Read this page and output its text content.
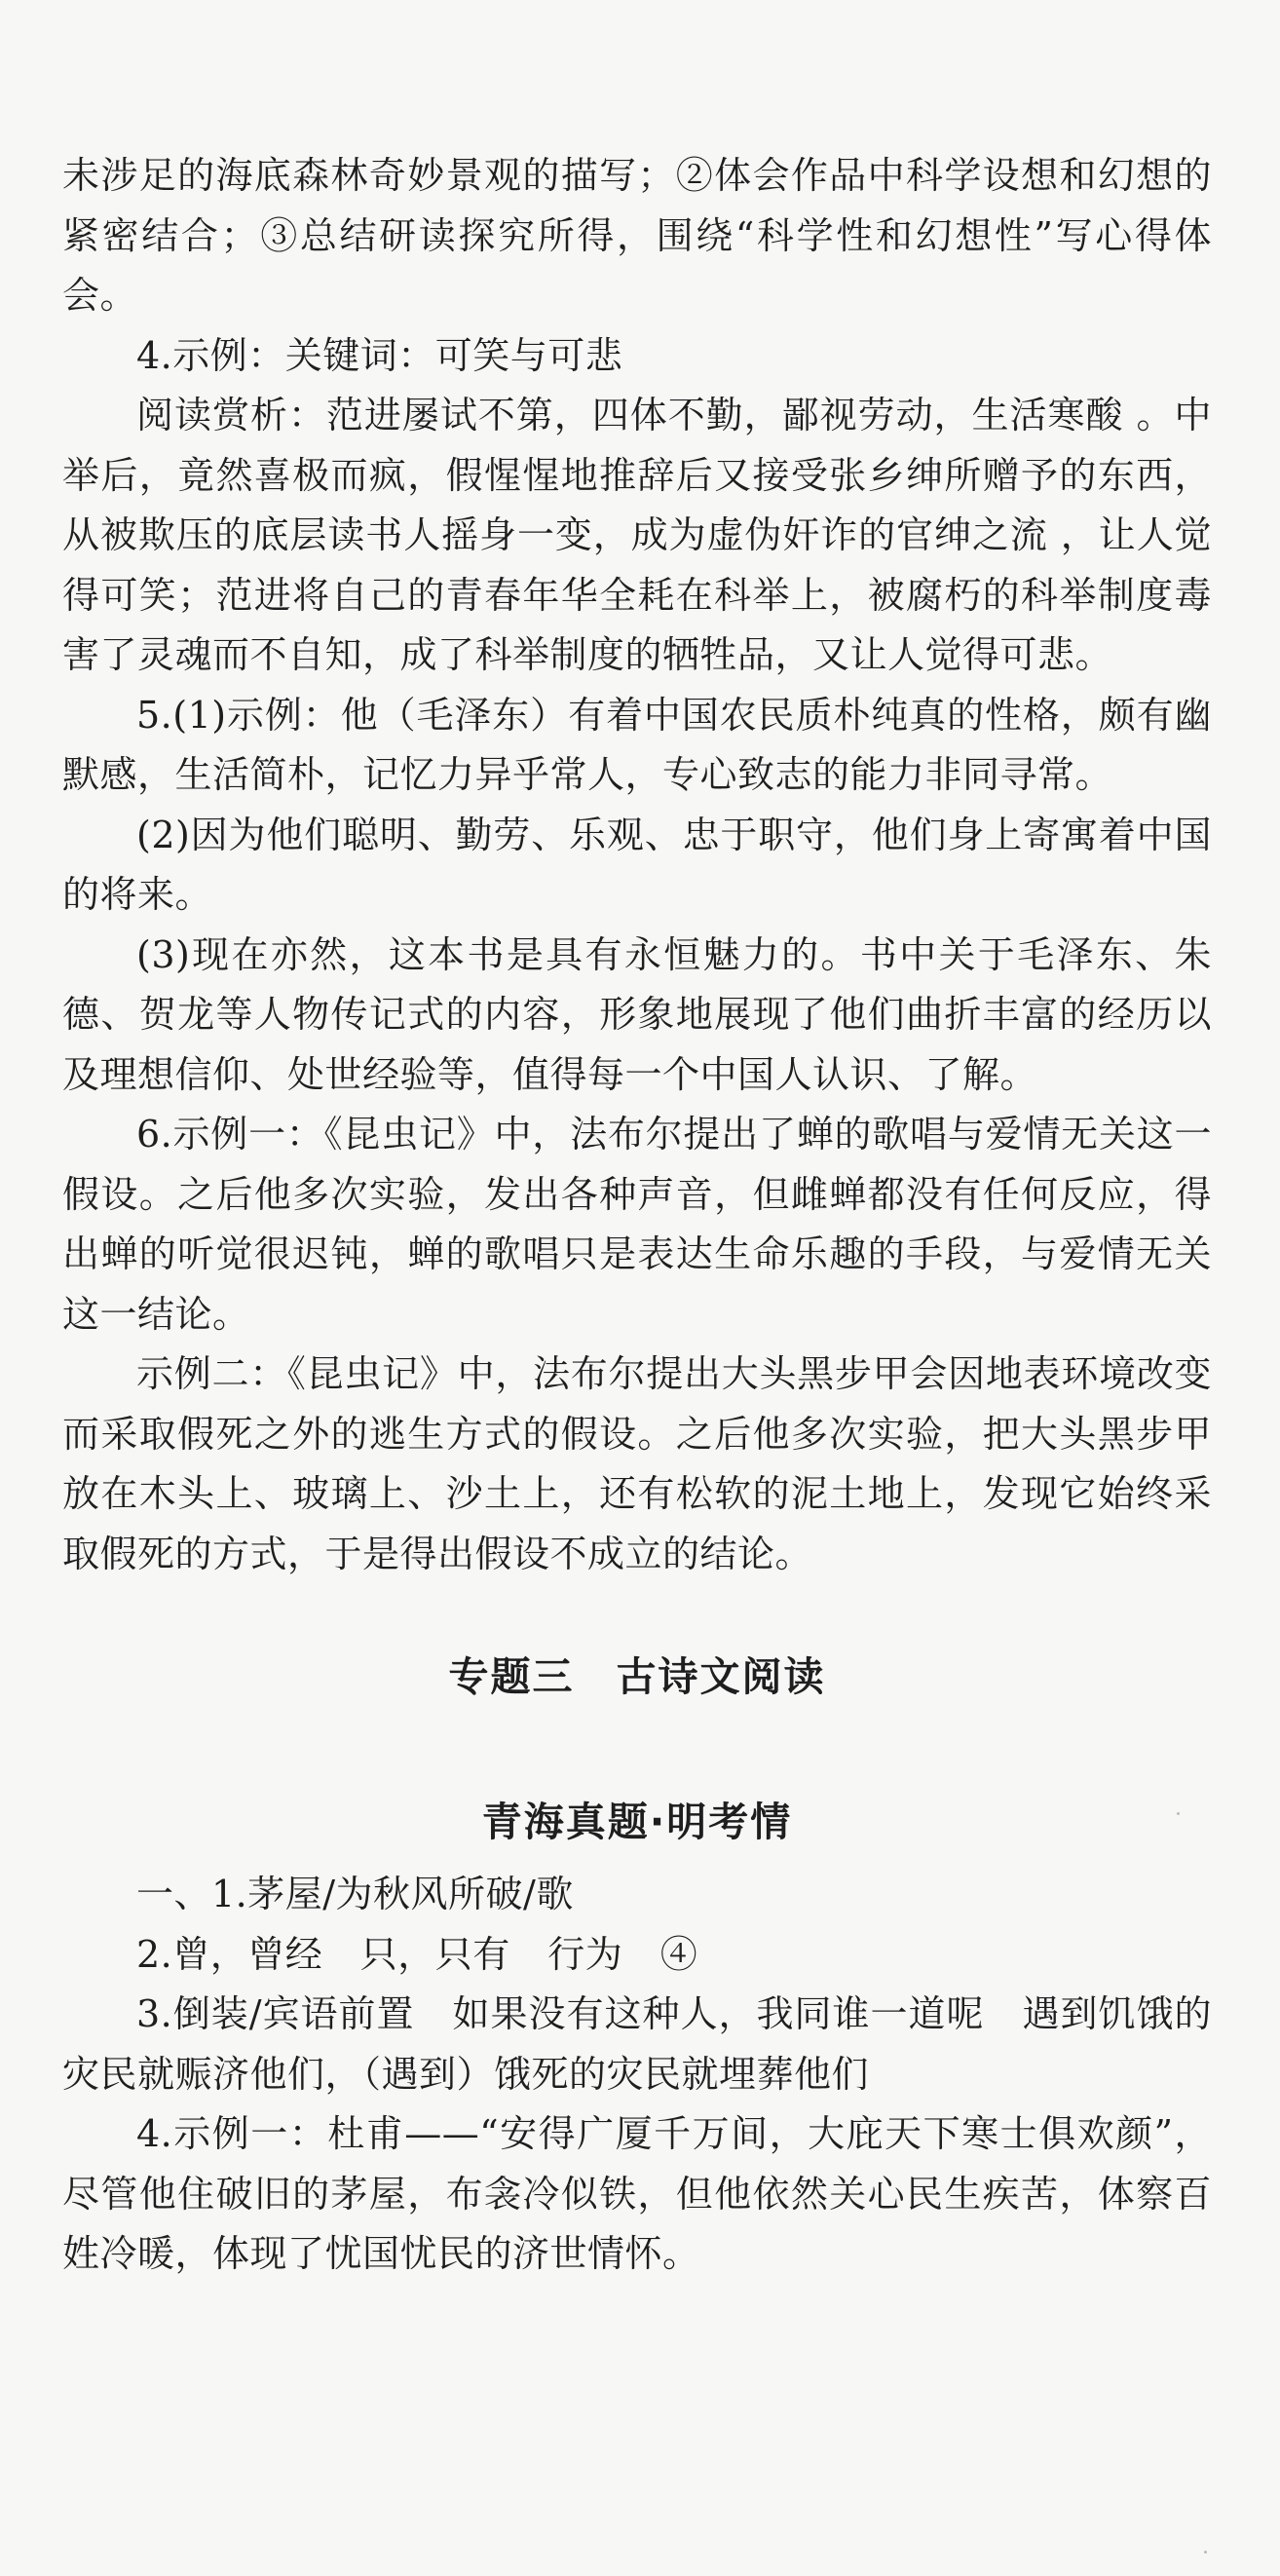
未涉足的海底森林奇妙景观的描写；②体会作品中科学设想和幻想的紧密结合；③总结研读探究所得，围绕“科学性和幻想性”写心得体会。

4.示例：关键词：可笑与可悲

阅读赏析：范进屡试不第，四体不勤，鄙视劳动，生活寒酸 。中举后，竟然喜极而疯，假惺惺地推辞后又接受张乡绅所赠予的东西，从被欺压的底层读书人摇身一变，成为虚伪奸诈的官绅之流 ，让人觉得可笑；范进将自己的青春年华全耗在科举上，被腐朽的科举制度毒害了灵魂而不自知，成了科举制度的牺牲品，又让人觉得可悲。

5.(1)示例：他（毛泽东）有着中国农民质朴纯真的性格，颇有幽默感，生活简朴，记忆力异乎常人，专心致志的能力非同寻常。

(2)因为他们聪明、勤劳、乐观、忠于职守，他们身上寄寓着中国的将来。

(3)现在亦然，这本书是具有永恒魅力的。书中关于毛泽东、朱德、贺龙等人物传记式的内容，形象地展现了他们曲折丰富的经历以及理想信仰、处世经验等，值得每一个中国人认识、了解。

6.示例一：《昆虫记》中，法布尔提出了蝉的歌唱与爱情无关这一假设。之后他多次实验，发出各种声音，但雌蝉都没有任何反应，得出蝉的听觉很迟钝，蝉的歌唱只是表达生命乐趣的手段，与爱情无关这一结论。

示例二：《昆虫记》中，法布尔提出大头黑步甲会因地表环境改变而采取假死之外的逃生方式的假设。之后他多次实验，把大头黑步甲放在木头上、玻璃上、沙土上，还有松软的泥土地上，发现它始终采取假死的方式，于是得出假设不成立的结论。

专题三　古诗文阅读
青海真题·明考情

一、1.茅屋/为秋风所破/歌

2.曾，曾经　只，只有　行为　④

3.倒装/宾语前置　如果没有这种人，我同谁一道呢　遇到饥饿的灾民就赈济他们，（遇到）饿死的灾民就埋葬他们

4.示例一：杜甫——“安得广厦千万间，大庇天下寒士俱欢颜”，尽管他住破旧的茅屋，布衾冷似铁，但他依然关心民生疾苦，体察百姓冷暖，体现了忧国忧民的济世情怀。
